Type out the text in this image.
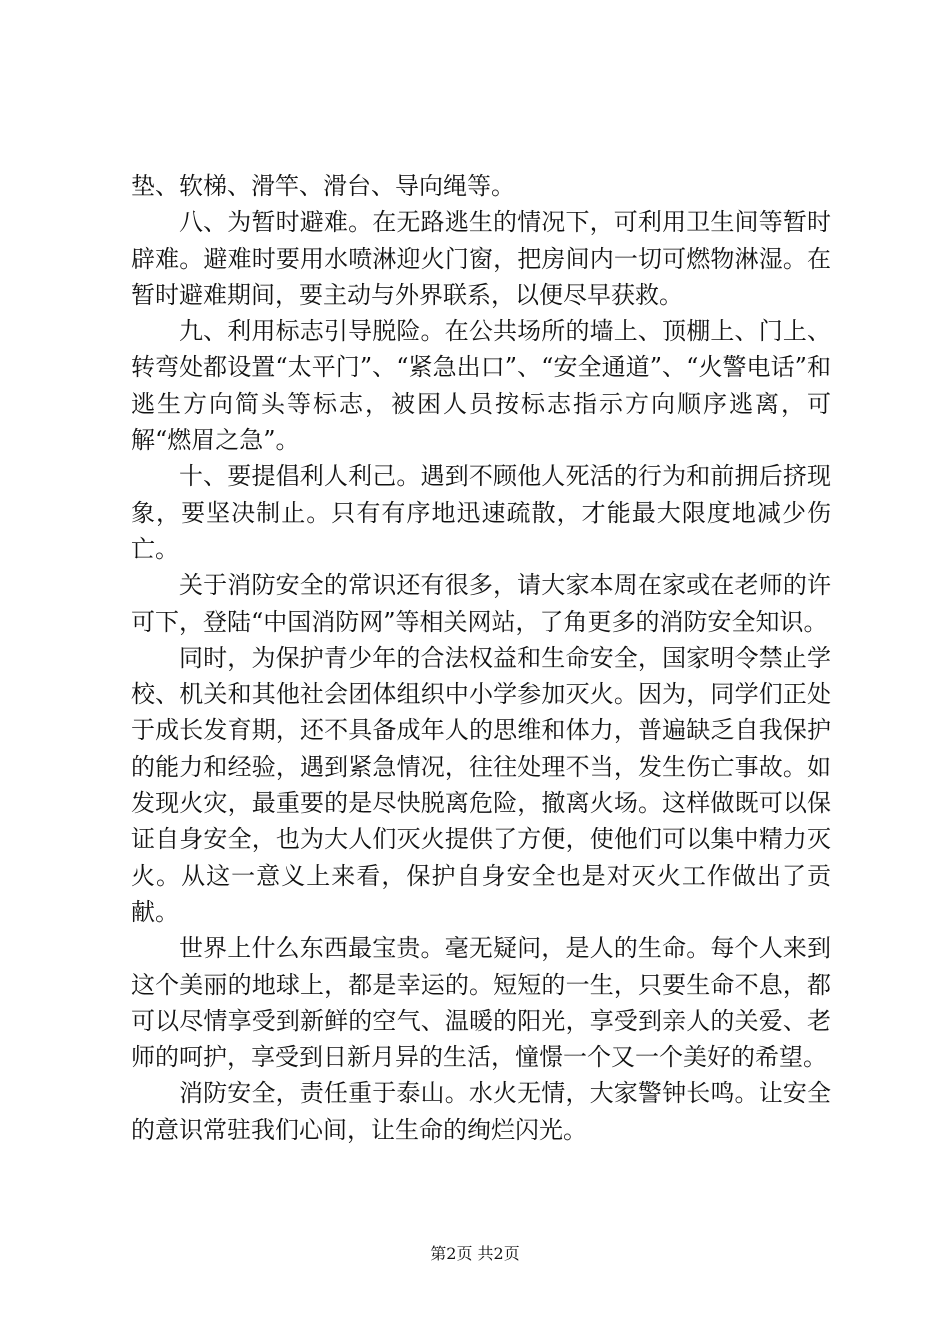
垫、软梯、滑竿、滑台、导向绳等。

八、为暂时避难。在无路逃生的情况下，可利用卫生间等暂时辟难。避难时要用水喷淋迎火门窗，把房间内一切可燃物淋湿。在暂时避难期间，要主动与外界联系，以便尽早获救。

九、利用标志引导脱险。在公共场所的墙上、顶棚上、门上、转弯处都设置“太平门”、“紧急出口”、“安全通道”、“火警电话”和逃生方向简头等标志，被困人员按标志指示方向顺序逃离，可解“燃眉之急”。

十、要提倡利人利己。遇到不顾他人死活的行为和前拥后挤现象，要坚决制止。只有有序地迅速疏散，才能最大限度地减少伤亡。

关于消防安全的常识还有很多，请大家本周在家或在老师的许可下，登陆“中国消防网”等相关网站，了角更多的消防安全知识。

同时，为保护青少年的合法权益和生命安全，国家明令禁止学校、机关和其他社会团体组织中小学参加灭火。因为，同学们正处于成长发育期，还不具备成年人的思维和体力，普遍缺乏自我保护的能力和经验，遇到紧急情况，往往处理不当，发生伤亡事故。如发现火灾，最重要的是尽快脱离危险，撤离火场。这样做既可以保证自身安全，也为大人们灭火提供了方便，使他们可以集中精力灭火。从这一意义上来看，保护自身安全也是对灭火工作做出了贡献。

世界上什么东西最宝贵。毫无疑问，是人的生命。每个人来到这个美丽的地球上，都是幸运的。短短的一生，只要生命不息，都可以尽情享受到新鲜的空气、温暖的阳光，享受到亲人的关爱、老师的呵护，享受到日新月异的生活，憧憬一个又一个美好的希望。

消防安全，责任重于泰山。水火无情，大家警钟长鸣。让安全的意识常驻我们心间，让生命的绚烂闪光。

第2页 共2页
